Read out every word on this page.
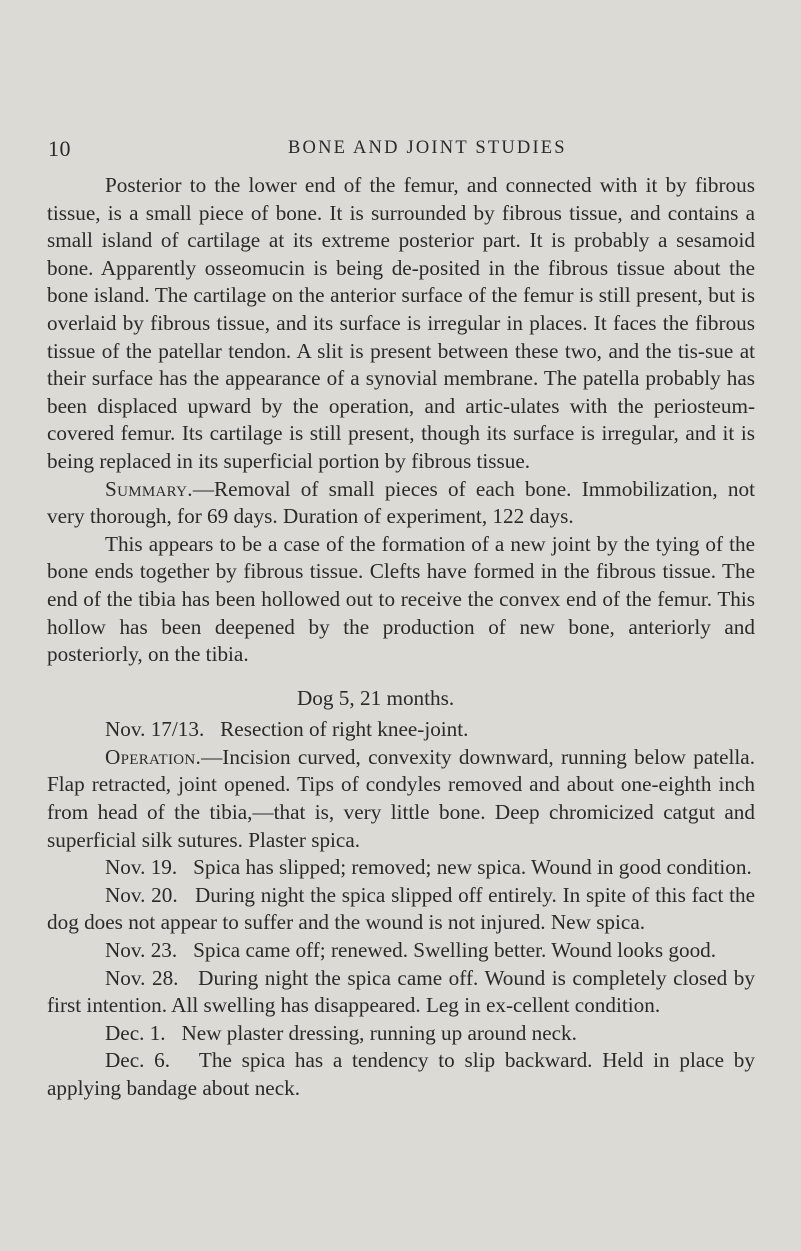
10	BONE AND JOINT STUDIES

Posterior to the lower end of the femur, and connected with it by fibrous tissue, is a small piece of bone. It is surrounded by fibrous tissue, and contains a small island of cartilage at its extreme posterior part. It is probably a sesamoid bone. Apparently osseomucin is being de-posited in the fibrous tissue about the bone island. The cartilage on the anterior surface of the femur is still present, but is overlaid by fibrous tissue, and its surface is irregular in places. It faces the fibrous tissue of the patellar tendon. A slit is present between these two, and the tis-sue at their surface has the appearance of a synovial membrane. The patella probably has been displaced upward by the operation, and artic-ulates with the periosteum-covered femur. Its cartilage is still present, though its surface is irregular, and it is being replaced in its superficial portion by fibrous tissue.

Summary.—Removal of small pieces of each bone. Immobilization, not very thorough, for 69 days. Duration of experiment, 122 days.

This appears to be a case of the formation of a new joint by the tying of the bone ends together by fibrous tissue. Clefts have formed in the fibrous tissue. The end of the tibia has been hollowed out to receive the convex end of the femur. This hollow has been deepened by the production of new bone, anteriorly and posteriorly, on the tibia.

Dog 5, 21 months.

Nov. 17/13. Resection of right knee-joint.

Operation.—Incision curved, convexity downward, running below patella. Flap retracted, joint opened. Tips of condyles removed and about one-eighth inch from head of the tibia,—that is, very little bone. Deep chromicized catgut and superficial silk sutures. Plaster spica.

Nov. 19. Spica has slipped; removed; new spica. Wound in good condition.

Nov. 20. During night the spica slipped off entirely. In spite of this fact the dog does not appear to suffer and the wound is not injured. New spica.

Nov. 23. Spica came off; renewed. Swelling better. Wound looks good.

Nov. 28. During night the spica came off. Wound is completely closed by first intention. All swelling has disappeared. Leg in ex-cellent condition.

Dec. 1. New plaster dressing, running up around neck.

Dec. 6. The spica has a tendency to slip backward. Held in place by applying bandage about neck.
